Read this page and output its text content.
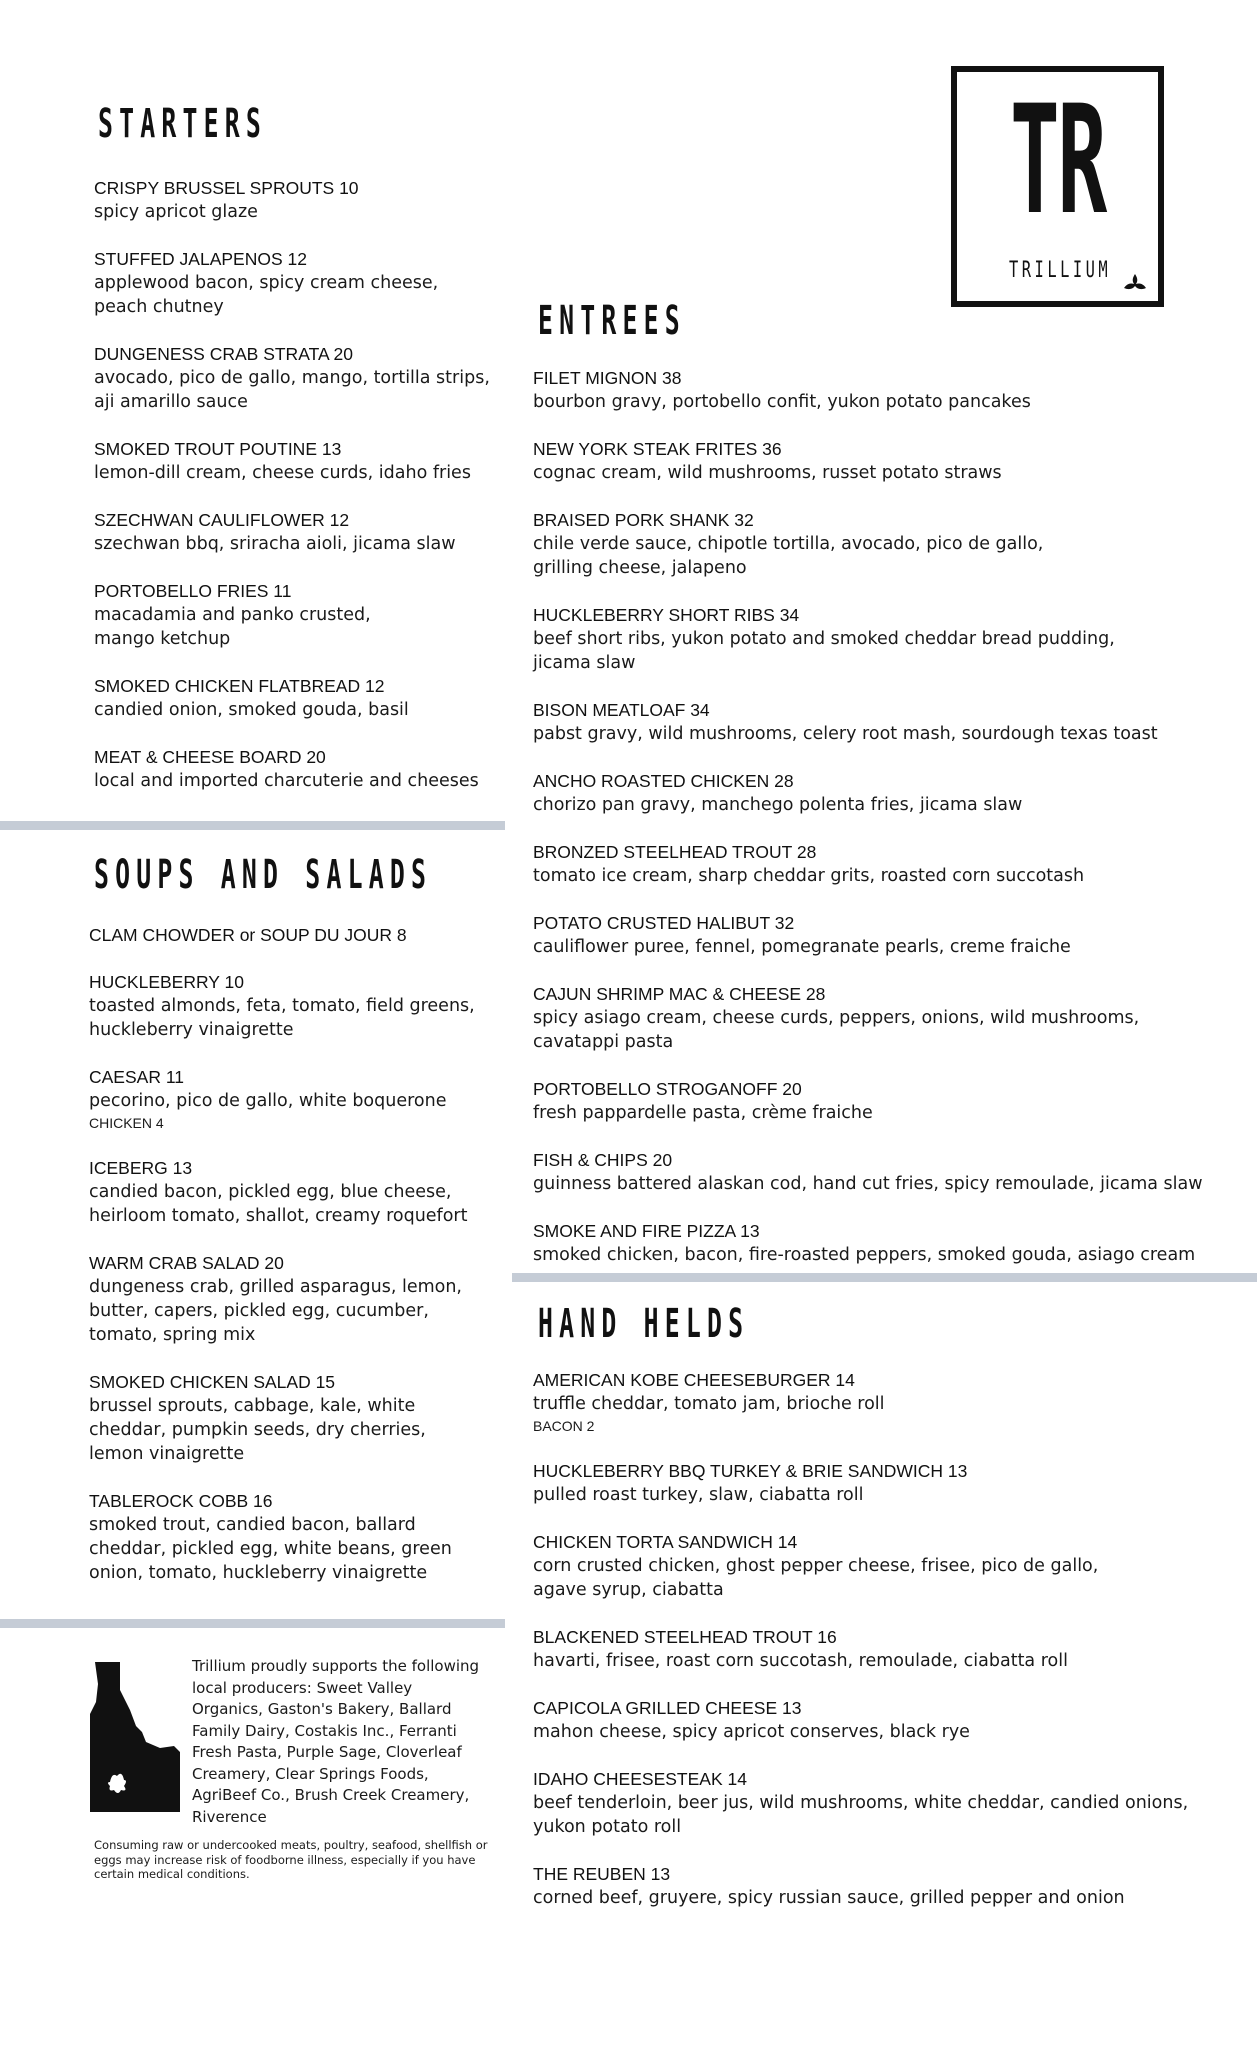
STARTERS
CRISPY BRUSSEL SPROUTS 10
spicy apricot glaze
STUFFED JALAPENOS 12
applewood bacon, spicy cream cheese,
peach chutney
DUNGENESS CRAB STRATA 20
avocado, pico de gallo, mango, tortilla strips,
aji amarillo sauce
SMOKED TROUT POUTINE 13
lemon-dill cream, cheese curds, idaho fries
SZECHWAN CAULIFLOWER 12
szechwan bbq, sriracha aioli, jicama slaw
PORTOBELLO FRIES 11
macadamia and panko crusted,
mango ketchup
SMOKED CHICKEN FLATBREAD 12
candied onion, smoked gouda, basil
MEAT & CHEESE BOARD 20
local and imported charcuterie and cheeses
SOUPS AND SALADS
CLAM CHOWDER or SOUP DU JOUR 8
HUCKLEBERRY 10
toasted almonds, feta, tomato, field greens,
huckleberry vinaigrette
CAESAR 11
pecorino, pico de gallo, white boquerone
CHICKEN 4
ICEBERG 13
candied bacon, pickled egg, blue cheese,
heirloom tomato, shallot, creamy roquefort
WARM CRAB SALAD 20
dungeness crab, grilled asparagus, lemon,
butter, capers, pickled egg, cucumber,
tomato, spring mix
SMOKED CHICKEN SALAD 15
brussel sprouts, cabbage, kale, white
cheddar, pumpkin seeds, dry cherries,
lemon vinaigrette
TABLEROCK COBB 16
smoked trout, candied bacon, ballard
cheddar, pickled egg, white beans, green
onion, tomato, huckleberry vinaigrette
Trillium proudly supports the following local producers: Sweet Valley Organics, Gaston's Bakery, Ballard Family Dairy, Costakis Inc., Ferranti Fresh Pasta, Purple Sage, Cloverleaf Creamery, Clear Springs Foods, AgriBeef Co., Brush Creek Creamery, Riverence
Consuming raw or undercooked meats, poultry, seafood, shellfish or eggs may increase risk of foodborne illness, especially if you have certain medical conditions.
TR
TRILLIUM
ENTREES
FILET MIGNON 38
bourbon gravy, portobello confit, yukon potato pancakes
NEW YORK STEAK FRITES 36
cognac cream, wild mushrooms, russet potato straws
BRAISED PORK SHANK 32
chile verde sauce, chipotle tortilla, avocado, pico de gallo,
grilling cheese, jalapeno
HUCKLEBERRY SHORT RIBS 34
beef short ribs, yukon potato and smoked cheddar bread pudding,
jicama slaw
BISON MEATLOAF 34
pabst gravy, wild mushrooms, celery root mash, sourdough texas toast
ANCHO ROASTED CHICKEN 28
chorizo pan gravy, manchego polenta fries, jicama slaw
BRONZED STEELHEAD TROUT 28
tomato ice cream, sharp cheddar grits, roasted corn succotash
POTATO CRUSTED HALIBUT 32
cauliflower puree, fennel, pomegranate pearls, creme fraiche
CAJUN SHRIMP MAC & CHEESE 28
spicy asiago cream, cheese curds, peppers, onions, wild mushrooms,
cavatappi pasta
PORTOBELLO STROGANOFF 20
fresh pappardelle pasta, crème fraiche
FISH & CHIPS 20
guinness battered alaskan cod, hand cut fries, spicy remoulade, jicama slaw
SMOKE AND FIRE PIZZA 13
smoked chicken, bacon, fire-roasted peppers, smoked gouda, asiago cream
HAND HELDS
AMERICAN KOBE CHEESEBURGER 14
truffle cheddar, tomato jam, brioche roll
BACON 2
HUCKLEBERRY BBQ TURKEY & BRIE SANDWICH 13
pulled roast turkey, slaw, ciabatta roll
CHICKEN TORTA SANDWICH 14
corn crusted chicken, ghost pepper cheese, frisee, pico de gallo,
agave syrup, ciabatta
BLACKENED STEELHEAD TROUT 16
havarti, frisee, roast corn succotash, remoulade, ciabatta roll
CAPICOLA GRILLED CHEESE 13
mahon cheese, spicy apricot conserves, black rye
IDAHO CHEESESTEAK 14
beef tenderloin, beer jus, wild mushrooms, white cheddar, candied onions,
yukon potato roll
THE REUBEN 13
corned beef, gruyere, spicy russian sauce, grilled pepper and onion
